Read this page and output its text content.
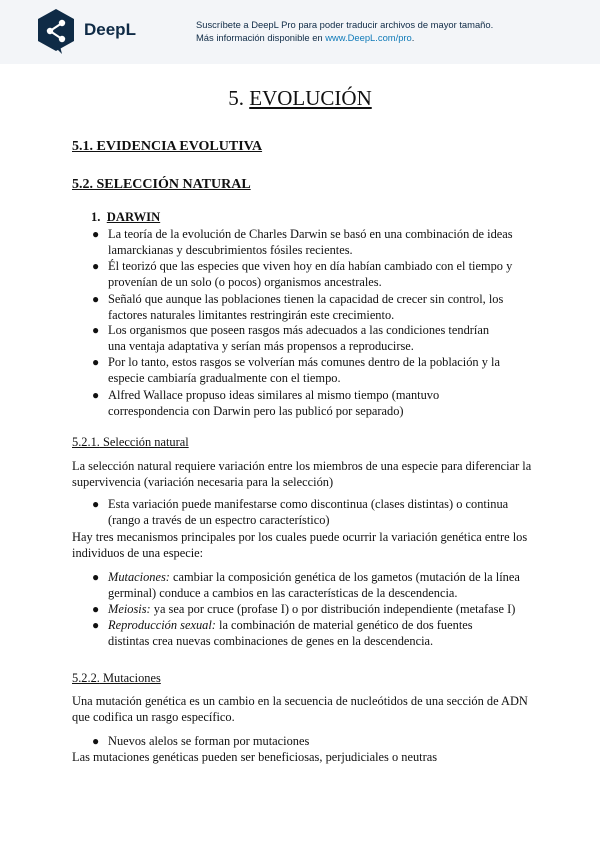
DeepL	Suscríbete a DeepL Pro para poder traducir archivos de mayor tamaño.
Más información disponible en www.DeepL.com/pro.
5. EVOLUCIÓN
5.1. EVIDENCIA EVOLUTIVA
5.2. SELECCIÓN NATURAL
1. DARWIN
● La teoría de la evolución de Charles Darwin se basó en una combinación de ideas
lamarckianas y descubrimientos fósiles recientes.
● Él teorizó que las especies que viven hoy en día habían cambiado con el tiempo y
provenían de un solo (o pocos) organismos ancestrales.
● Señaló que aunque las poblaciones tienen la capacidad de crecer sin control, los
factores naturales limitantes restringirán este crecimiento.
● Los organismos que poseen rasgos más adecuados a las condiciones tendrían
una ventaja adaptativa y serían más propensos a reproducirse.
● Por lo tanto, estos rasgos se volverían más comunes dentro de la población y la
especie cambiaría gradualmente con el tiempo.
● Alfred Wallace propuso ideas similares al mismo tiempo (mantuvo
correspondencia con Darwin pero las publicó por separado)
5.2.1. Selección natural
La selección natural requiere variación entre los miembros de una especie para diferenciar la
supervivencia (variación necesaria para la selección)
● Esta variación puede manifestarse como discontinua (clases distintas) o continua
(rango a través de un espectro característico)
Hay tres mecanismos principales por los cuales puede ocurrir la variación genética entre los
individuos de una especie:
● Mutaciones: cambiar la composición genética de los gametos (mutación de la línea
germinal) conduce a cambios en las características de la descendencia.
● Meiosis: ya sea por cruce (profase I) o por distribución independiente (metafase I)
● Reproducción sexual: la combinación de material genético de dos fuentes
distintas crea nuevas combinaciones de genes en la descendencia.
5.2.2. Mutaciones
Una mutación genética es un cambio en la secuencia de nucleótidos de una sección de ADN
que codifica un rasgo específico.
● Nuevos alelos se forman por mutaciones
Las mutaciones genéticas pueden ser beneficiosas, perjudiciales o neutras
